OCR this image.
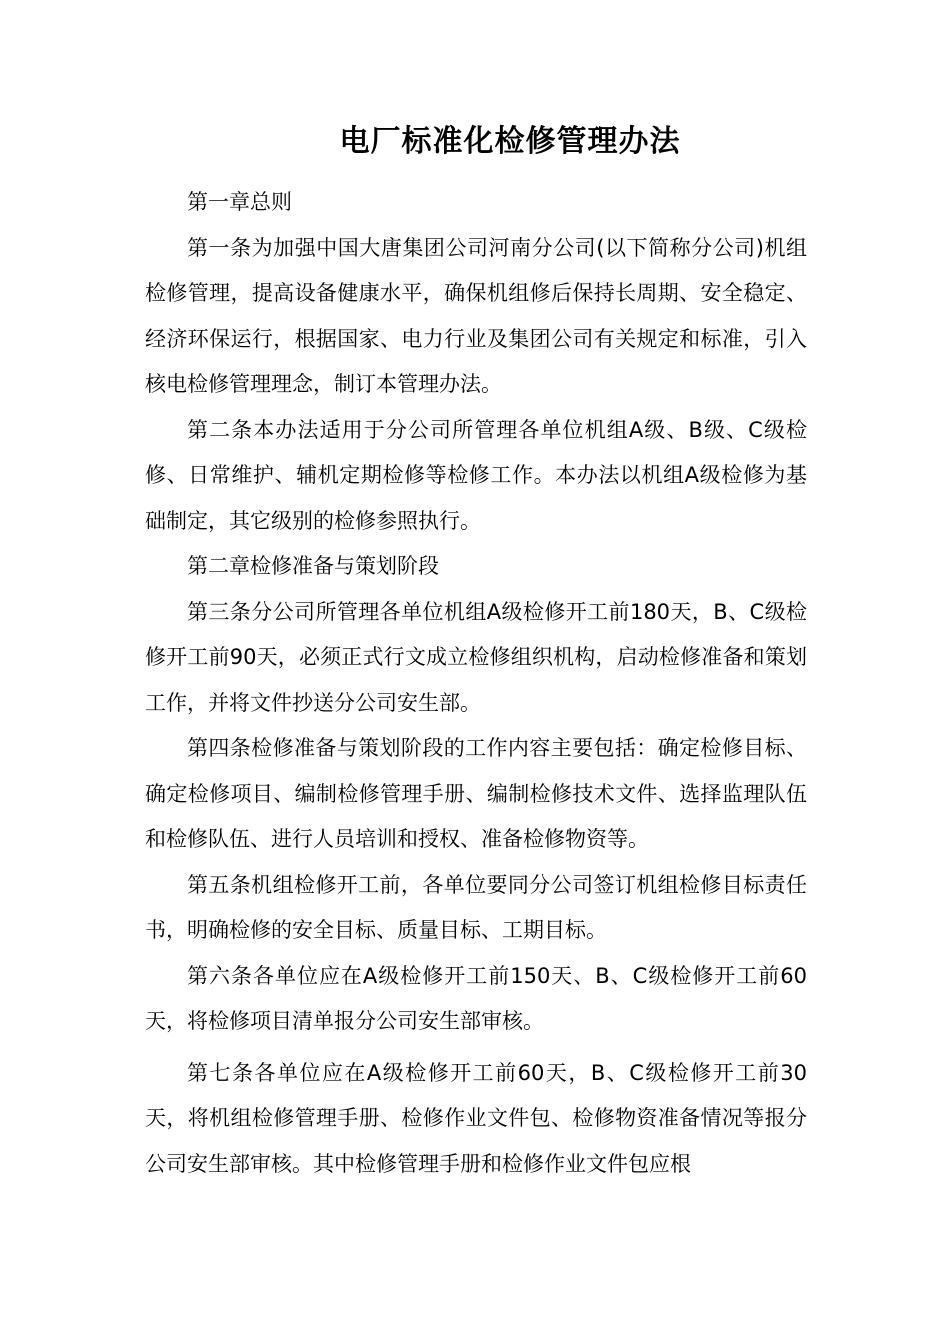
电厂标准化检修管理办法

第一章总则

第一条为加强中国大唐集团公司河南分公司(以下简称分公司)机组检修管理，提高设备健康水平，确保机组修后保持长周期、安全稳定、经济环保运行，根据国家、电力行业及集团公司有关规定和标准，引入核电检修管理理念，制订本管理办法。

第二条本办法适用于分公司所管理各单位机组A级、B级、C级检修、日常维护、辅机定期检修等检修工作。本办法以机组A级检修为基础制定，其它级别的检修参照执行。

第二章检修准备与策划阶段

第三条分公司所管理各单位机组A级检修开工前180天，B、C级检修开工前90天，必须正式行文成立检修组织机构，启动检修准备和策划工作，并将文件抄送分公司安生部。

第四条检修准备与策划阶段的工作内容主要包括：确定检修目标、确定检修项目、编制检修管理手册、编制检修技术文件、选择监理队伍和检修队伍、进行人员培训和授权、准备检修物资等。

第五条机组检修开工前，各单位要同分公司签订机组检修目标责任书，明确检修的安全目标、质量目标、工期目标。

第六条各单位应在A级检修开工前150天、B、C级检修开工前60天，将检修项目清单报分公司安生部审核。

第七条各单位应在A级检修开工前60天，B、C级检修开工前30天，将机组检修管理手册、检修作业文件包、检修物资准备情况等报分公司安生部审核。其中检修管理手册和检修作业文件包应根
